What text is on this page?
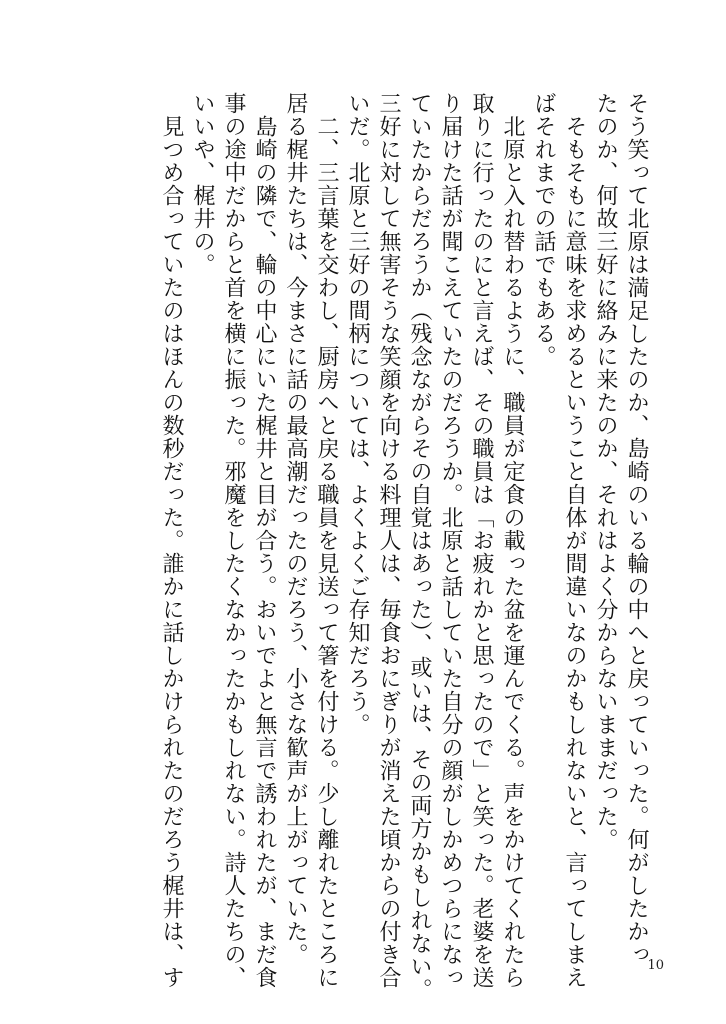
そう笑って北原は満足したのか、島崎のいる輪の中へと戻っていった。何がしたかっ
たのか、何故三好に絡みに来たのか、それはよく分からないままだった。
　そもそもに意味を求めるということ自体が間違いなのかもしれないと、言ってしまえ
ばそれまでの話でもある。
　北原と入れ替わるように、職員が定食の載った盆を運んでくる。声をかけてくれたら
取りに行ったのにと言えば、その職員は「お疲れかと思ったので」と笑った。老婆を送
り届けた話が聞こえていたのだろうか。北原と話していた自分の顔がしかめつらになっ
ていたからだろうか（残念ながらその自覚はあった）、或いは、その両方かもしれない。
三好に対して無害そうな笑顔を向ける料理人は、毎食おにぎりが消えた頃からの付き合
いだ。北原と三好の間柄については、よくよくご存知だろう。
　二、三言葉を交わし、厨房へと戻る職員を見送って箸を付ける。少し離れたところに
居る梶井たちは、今まさに話の最高潮だったのだろう、小さな歓声が上がっていた。
　島崎の隣で、輪の中心にいた梶井と目が合う。おいでよと無言で誘われたが、まだ食
事の途中だからと首を横に振った。邪魔をしたくなかったかもしれない。詩人たちの、
いいや、梶井の。
　見つめ合っていたのはほんの数秒だった。誰かに話しかけられたのだろう梶井は、す	10
